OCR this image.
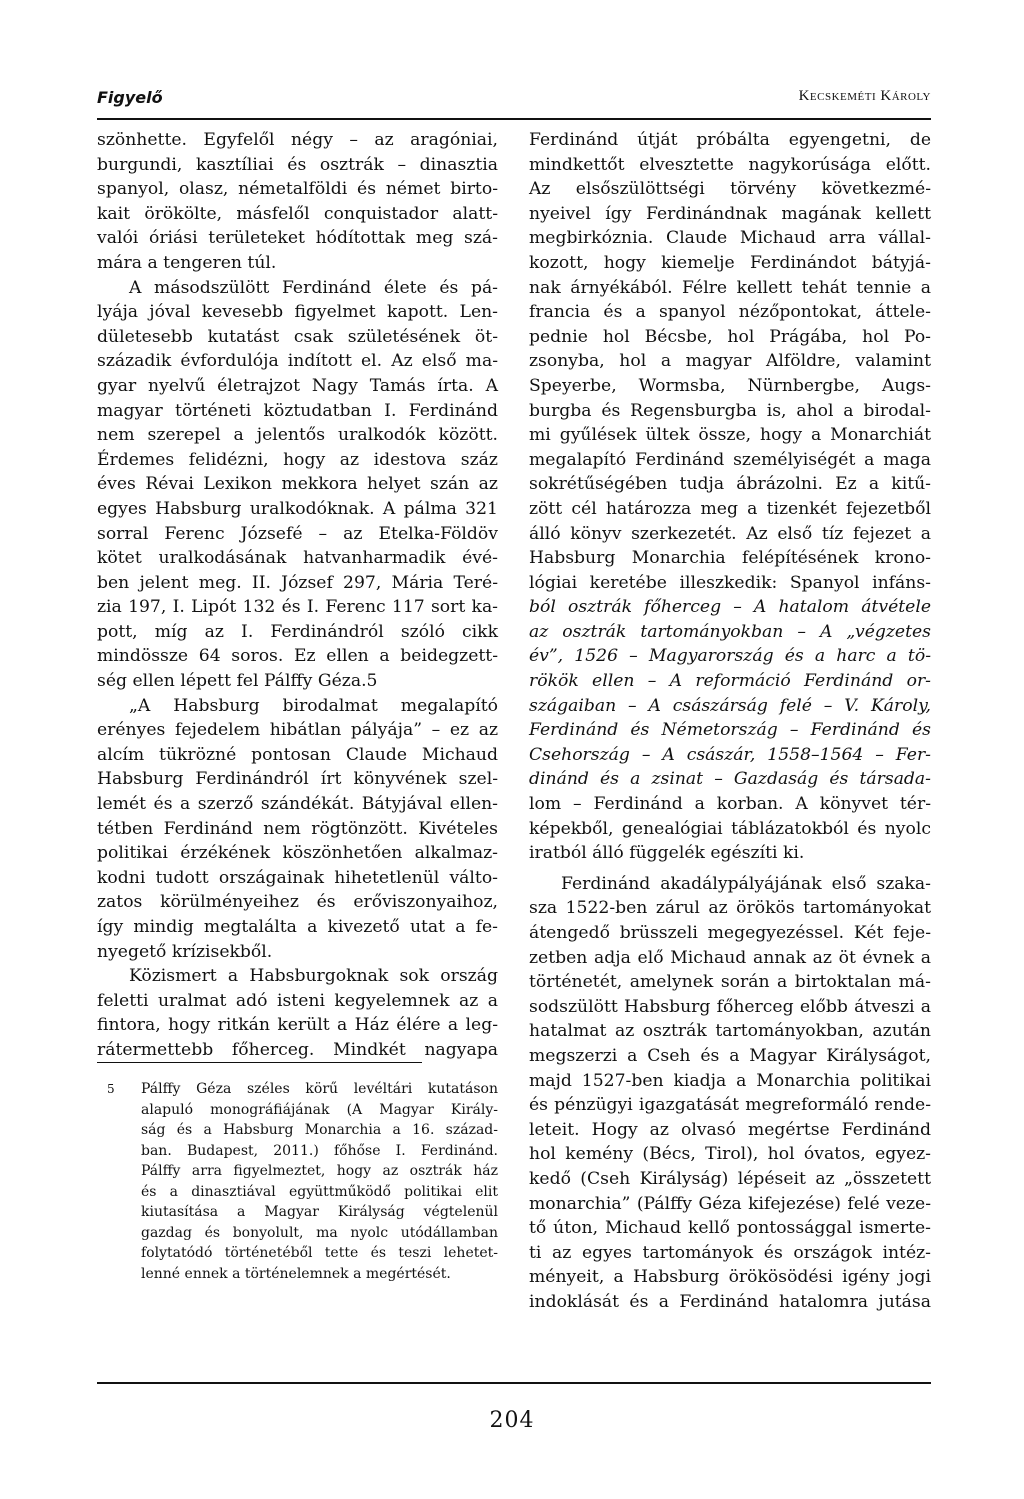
Figyelő	Kecskeméti Károly
szönhette. Egyfelől négy – az aragóniai,
burgundi, kasztíliai és osztrák – dinasztia
spanyol, olasz, németalföldi és német birto-
kait örökölte, másfelől conquistador alatt-
valói óriási területeket hódítottak meg szá-
mára a tengeren túl.
A másodszülött Ferdinánd élete és pá-
lyája jóval kevesebb figyelmet kapott. Len-
dületesebb kutatást csak születésének öt-
századik évfordulója indított el. Az első ma-
gyar nyelvű életrajzot Nagy Tamás írta. A
magyar történeti köztudatban I. Ferdinánd
nem szerepel a jelentős uralkodók között.
Érdemes felidézni, hogy az idestova száz
éves Révai Lexikon mekkora helyet szán az
egyes Habsburg uralkodóknak. A pálma 321
sorral Ferenc Józsefé – az Etelka-Földöv
kötet uralkodásának hatvanharmadik évé-
ben jelent meg. II. József 297, Mária Teré-
zia 197, I. Lipót 132 és I. Ferenc 117 sort ka-
pott, míg az I. Ferdinándról szóló cikk
mindössze 64 soros. Ez ellen a beidegzett-
ség ellen lépett fel Pálffy Géza.5
„A Habsburg birodalmat megalapító
erényes fejedelem hibátlan pályája” – ez az
alcím tükrözné pontosan Claude Michaud
Habsburg Ferdinándról írt könyvének szel-
lemét és a szerző szándékát. Bátyjával ellen-
tétben Ferdinánd nem rögtönzött. Kivételes
politikai érzékének köszönhetően alkalmaz-
kodni tudott országainak hihetetlenül válto-
zatos körülményeihez és erőviszonyaihoz,
így mindig megtalálta a kivezető utat a fe-
nyegető krízisekből.
Közismert a Habsburgoknak sok ország
feletti uralmat adó isteni kegyelemnek az a
fintora, hogy ritkán került a Ház élére a leg-
rátermettebb főherceg. Mindkét nagyapa
5	Pálffy Géza széles körű levéltári kutatáson
alapuló monográfiájának (A Magyar Király-
ság és a Habsburg Monarchia a 16. század-
ban. Budapest, 2011.) főhőse I. Ferdinánd.
Pálffy arra figyelmeztet, hogy az osztrák ház
és a dinasztiával együttműködő politikai elit
kiutasítása a Magyar Királyság végtelenül
gazdag és bonyolult, ma nyolc utódállamban
folytatódó történetéből tette és teszi lehetet-
lenné ennek a történelemnek a megértését.
Ferdinánd útját próbálta egyengetni, de
mindkettőt elvesztette nagykorúsága előtt.
Az elsőszülöttségi törvény következmé-
nyeivel így Ferdinándnak magának kellett
megbirkóznia. Claude Michaud arra vállal-
kozott, hogy kiemelje Ferdinándot bátyjá-
nak árnyékából. Félre kellett tehát tennie a
francia és a spanyol nézőpontokat, áttele-
pednie hol Bécsbe, hol Prágába, hol Po-
zsonyba, hol a magyar Alföldre, valamint
Speyerbe, Wormsba, Nürnbergbe, Augs-
burgba és Regensburgba is, ahol a birodal-
mi gyűlések ültek össze, hogy a Monarchiát
megalapító Ferdinánd személyiségét a maga
sokrétűségében tudja ábrázolni. Ez a kitű-
zött cél határozza meg a tizenkét fejezetből
álló könyv szerkezetét. Az első tíz fejezet a
Habsburg Monarchia felépítésének krono-
lógiai keretébe illeszkedik: Spanyol infáns-
ból osztrák főherceg – A hatalom átvétele
az osztrák tartományokban – A „végzetes
év”, 1526 – Magyarország és a harc a tö-
rökök ellen – A reformáció Ferdinánd or-
szágaiban – A császárság felé – V. Károly,
Ferdinánd és Németország – Ferdinánd és
Csehország – A császár, 1558–1564 – Fer-
dinánd és a zsinat – Gazdaság és társada-
lom – Ferdinánd a korban. A könyvet tér-
képekből, genealógiai táblázatokból és nyolc
iratból álló függelék egészíti ki.
Ferdinánd akadálypályájának első szaka-
sza 1522-ben zárul az örökös tartományokat
átengedő brüsszeli megegyezéssel. Két feje-
zetben adja elő Michaud annak az öt évnek a
történetét, amelynek során a birtoktalan má-
sodszülött Habsburg főherceg előbb átveszi a
hatalmat az osztrák tartományokban, azután
megszerzi a Cseh és a Magyar Királyságot,
majd 1527-ben kiadja a Monarchia politikai
és pénzügyi igazgatását megreformáló rende-
leteit. Hogy az olvasó megértse Ferdinánd
hol kemény (Bécs, Tirol), hol óvatos, egyez-
kedő (Cseh Királyság) lépéseit az „összetett
monarchia” (Pálffy Géza kifejezése) felé veze-
tő úton, Michaud kellő pontossággal ismerte-
ti az egyes tartományok és országok intéz-
ményeit, a Habsburg örökösödési igény jogi
indoklását és a Ferdinánd hatalomra jutása
204
